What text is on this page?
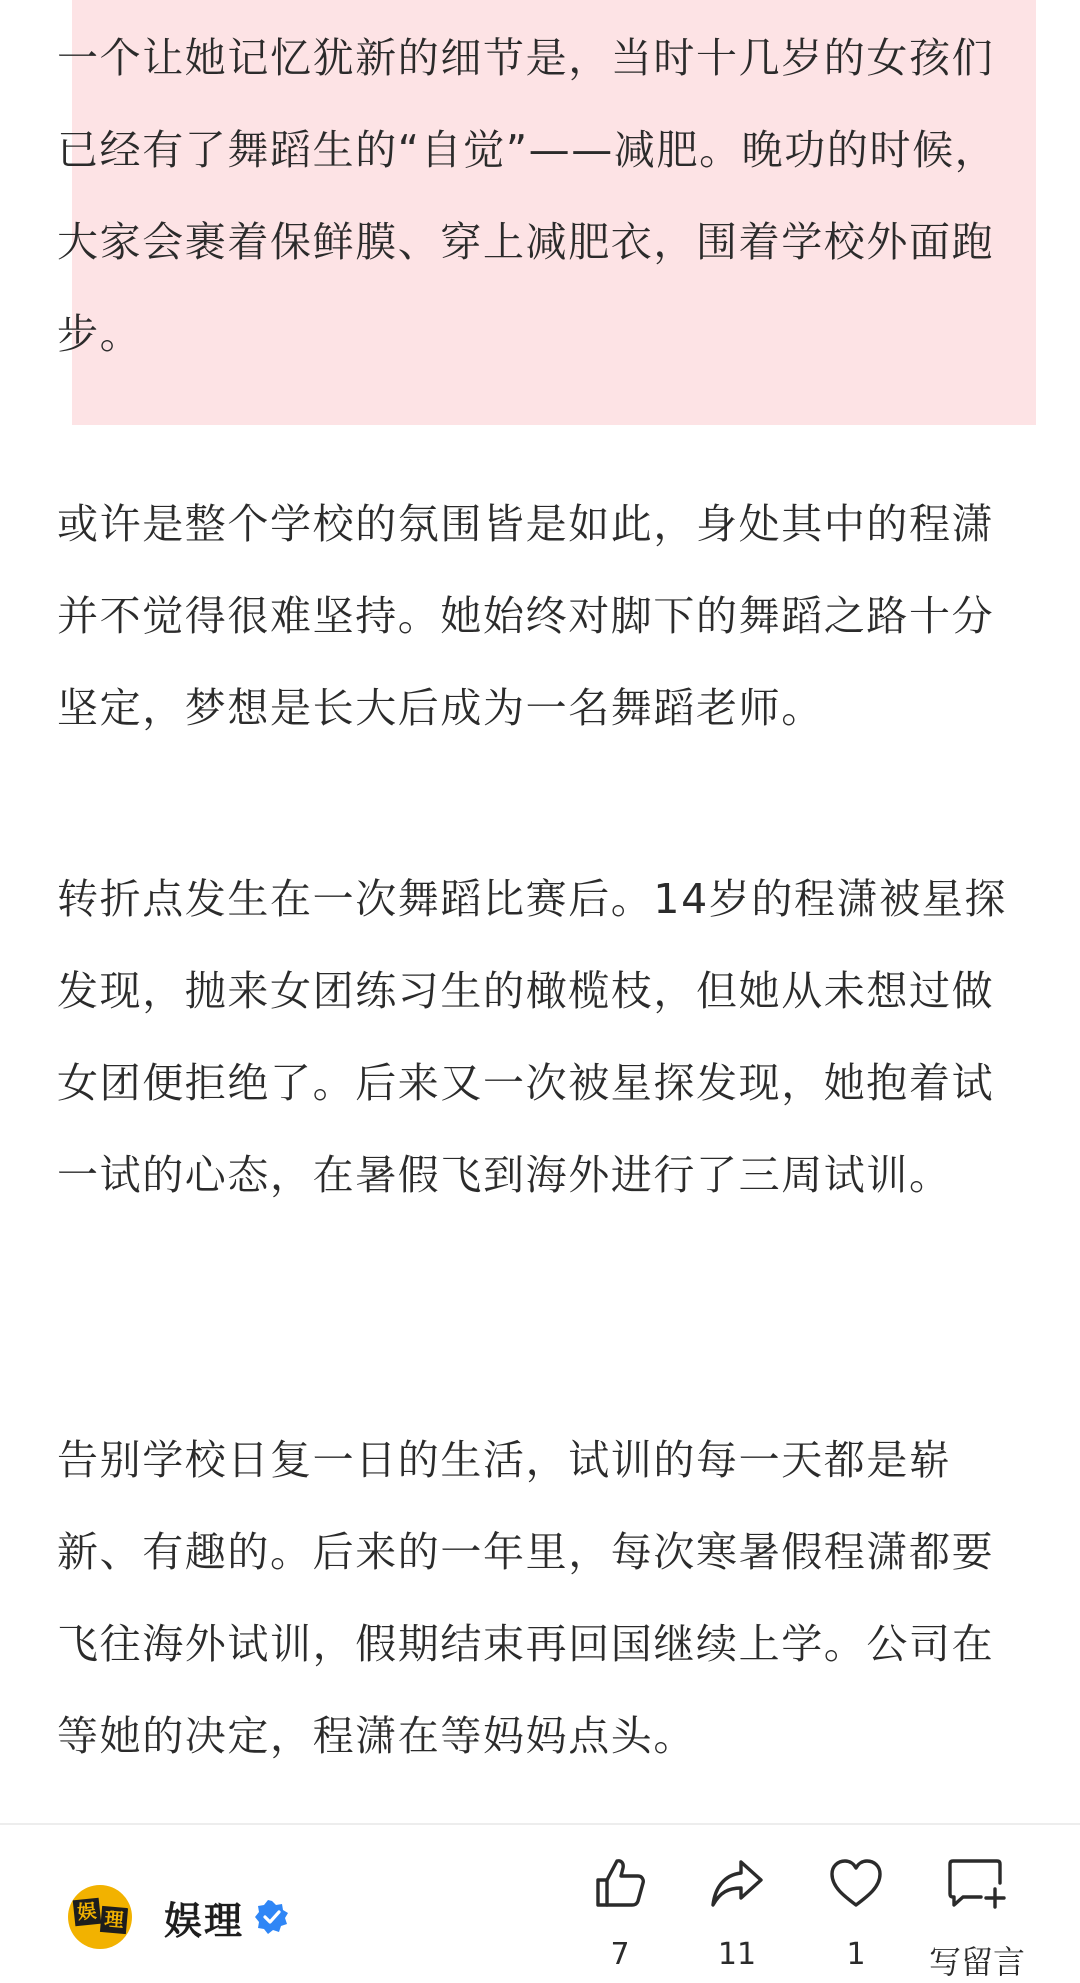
一个让她记忆犹新的细节是，当时十几岁的女孩们已经有了舞蹈生的“自觉”——减肥。晚功的时候，大家会裹着保鲜膜、穿上减肥衣，围着学校外面跑步。

或许是整个学校的氛围皆是如此，身处其中的程潇并不觉得很难坚持。她始终对脚下的舞蹈之路十分坚定，梦想是长大后成为一名舞蹈老师。

转折点发生在一次舞蹈比赛后。14岁的程潇被星探发现，抛来女团练习生的橄榄枝，但她从未想过做女团便拒绝了。后来又一次被星探发现，她抱着试一试的心态，在暑假飞到海外进行了三周试训。

告别学校日复一日的生活，试训的每一天都是崭新、有趣的。后来的一年里，每次寒暑假程潇都要飞往海外试训，假期结束再回国继续上学。公司在等她的决定，程潇在等妈妈点头。

娱 理 娱理
7	11	1	写留言
